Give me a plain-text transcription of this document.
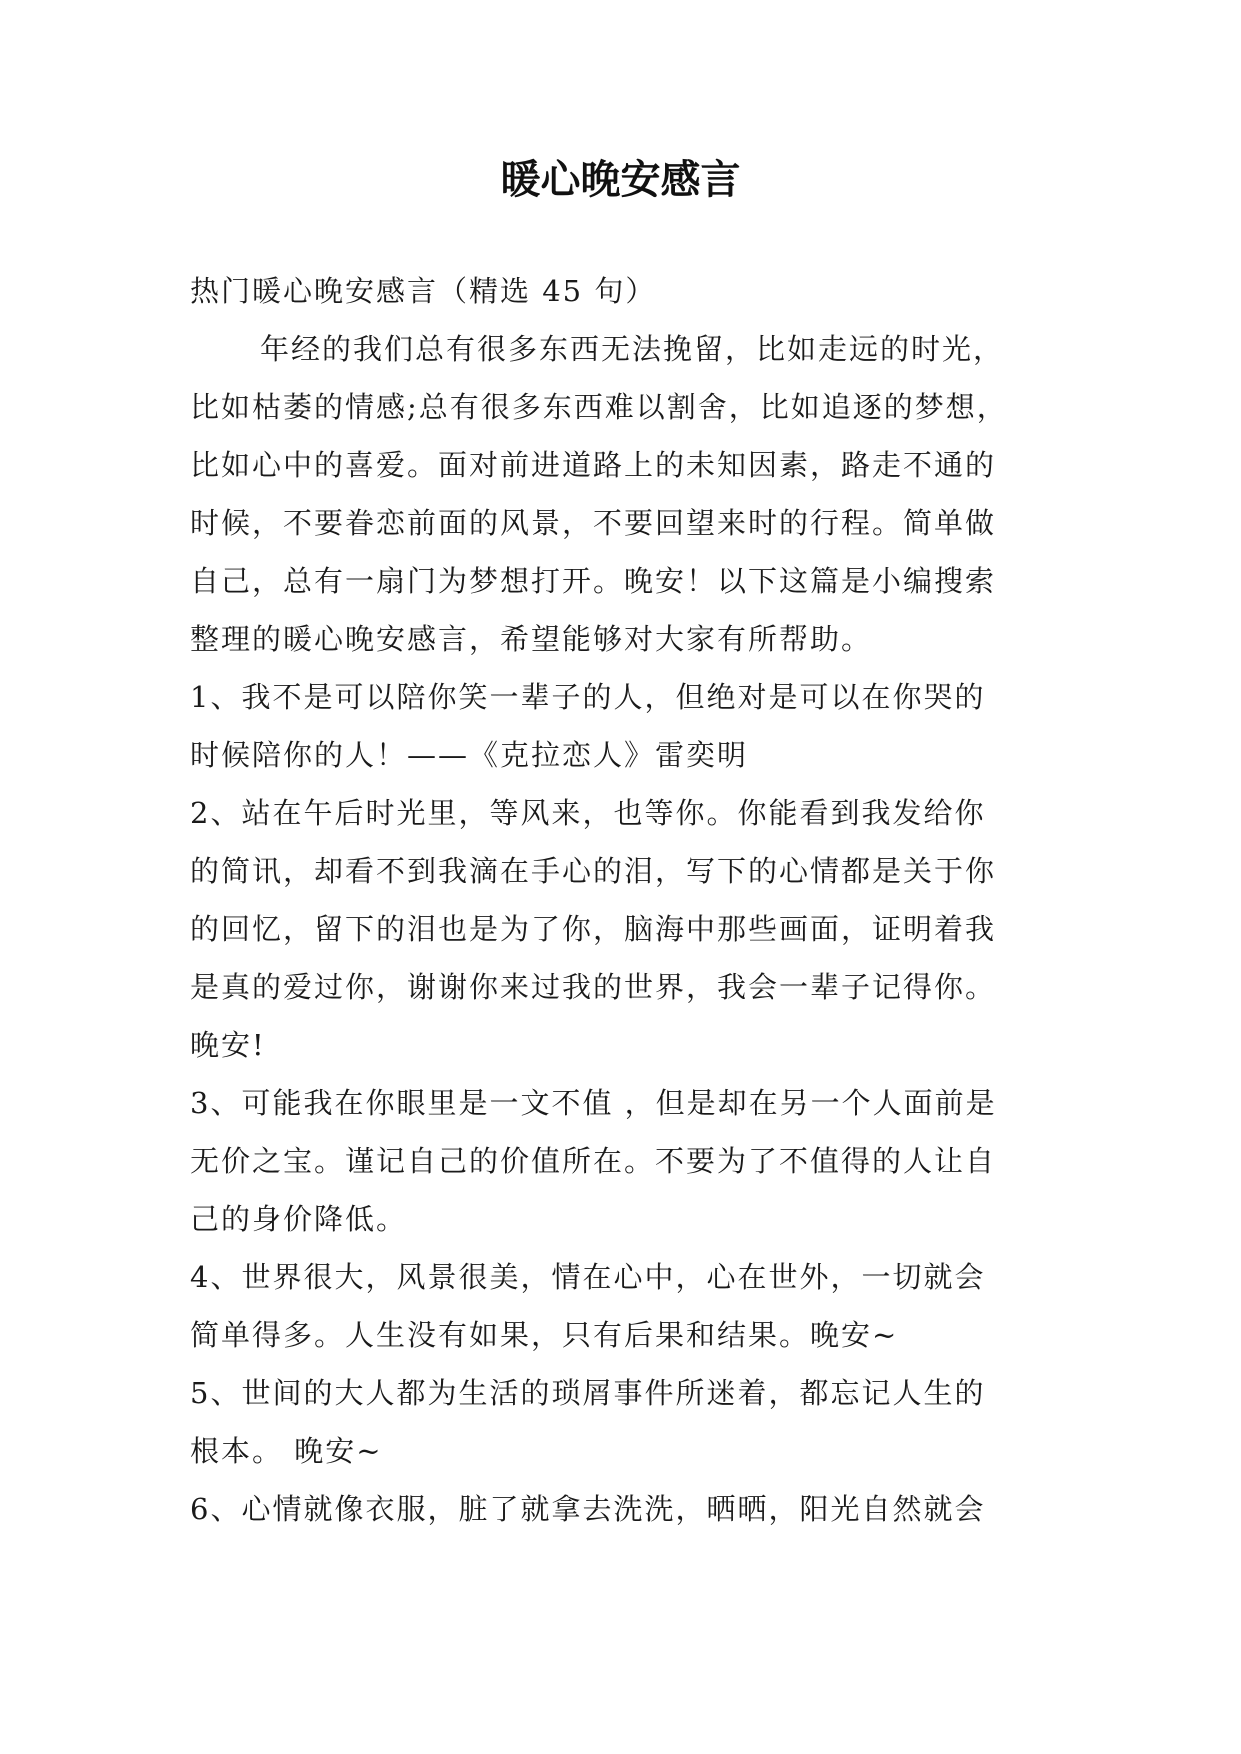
暖心晚安感言
热门暖心晚安感言（精选 45 句）
年经的我们总有很多东西无法挽留，比如走远的时光，
比如枯萎的情感;总有很多东西难以割舍，比如追逐的梦想，
比如心中的喜爱。面对前进道路上的未知因素，路走不通的
时候，不要眷恋前面的风景，不要回望来时的行程。简单做
自己，总有一扇门为梦想打开。晚安！以下这篇是小编搜索
整理的暖心晚安感言，希望能够对大家有所帮助。
1、我不是可以陪你笑一辈子的人，但绝对是可以在你哭的
时候陪你的人！——《克拉恋人》雷奕明
2、站在午后时光里，等风来，也等你。你能看到我发给你
的简讯，却看不到我滴在手心的泪，写下的心情都是关于你
的回忆，留下的泪也是为了你，脑海中那些画面，证明着我
是真的爱过你，谢谢你来过我的世界，我会一辈子记得你。
晚安!
3、可能我在你眼里是一文不值 ，但是却在另一个人面前是
无价之宝。谨记自己的价值所在。不要为了不值得的人让自
己的身价降低。
4、世界很大，风景很美，情在心中，心在世外，一切就会
简单得多。人生没有如果，只有后果和结果。晚安~
5、世间的大人都为生活的琐屑事件所迷着，都忘记人生的
根本。 晚安~
6、心情就像衣服，脏了就拿去洗洗，晒晒，阳光自然就会
